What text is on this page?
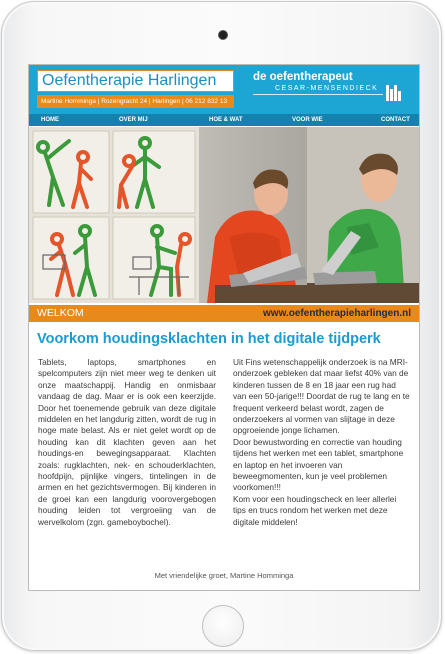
Oefentherapie Harlingen
Martine Homminga | Rozengracht 24 | Harlingen | 06 212 832 13
de oefentherapeut
CESAR-MENSENDIECK
HOME	OVER MIJ	HOE & WAT	VOOR WIE	CONTACT
WELKOM	www.oefentherapieharlingen.nl
Voorkom houdingsklachten in het digitale tijdperk

Tablets, laptops, smartphones en spelcomputers zijn niet meer weg te denken uit onze maatschappij. Handig en onmisbaar vandaag de dag. Maar er is ook een keerzijde. Door het toenemende gebruik van deze digitale middelen en het langdurig zitten, wordt de rug in hoge mate belast. Als er niet gelet wordt op de houding kan dit klachten geven aan het houdings-en bewegingsapparaat. Klachten zoals: rugklachten, nek- en schouderklachten, hoofdpijn, pijnlijke vingers, tintelingen in de armen en het gezichtsvermogen. Bij kinderen in de groei kan een langdurig voorovergebogen houding leiden tot vergroeiing van de wervelkolom (zgn. gameboybochel).

Uit Fins wetenschappelijk onderzoek is na MRI-onderzoek gebleken dat maar liefst 40% van de kinderen tussen de 8 en 18 jaar een rug had van een 50-jarige!!! Doordat de rug te lang en te frequent verkeerd belast wordt, zagen de onderzoekers al vormen van slijtage in deze opgroeiende jonge lichamen.

Door bewustwording en correctie van houding tijdens het werken met een tablet, smartphone en laptop en het invoeren van beweegmomenten, kun je veel problemen voorkomen!!!

Kom voor een houdingscheck en leer allerlei tips en trucs rondom het werken met deze digitale middelen!

Met vriendelijke groet, Martine Homminga
